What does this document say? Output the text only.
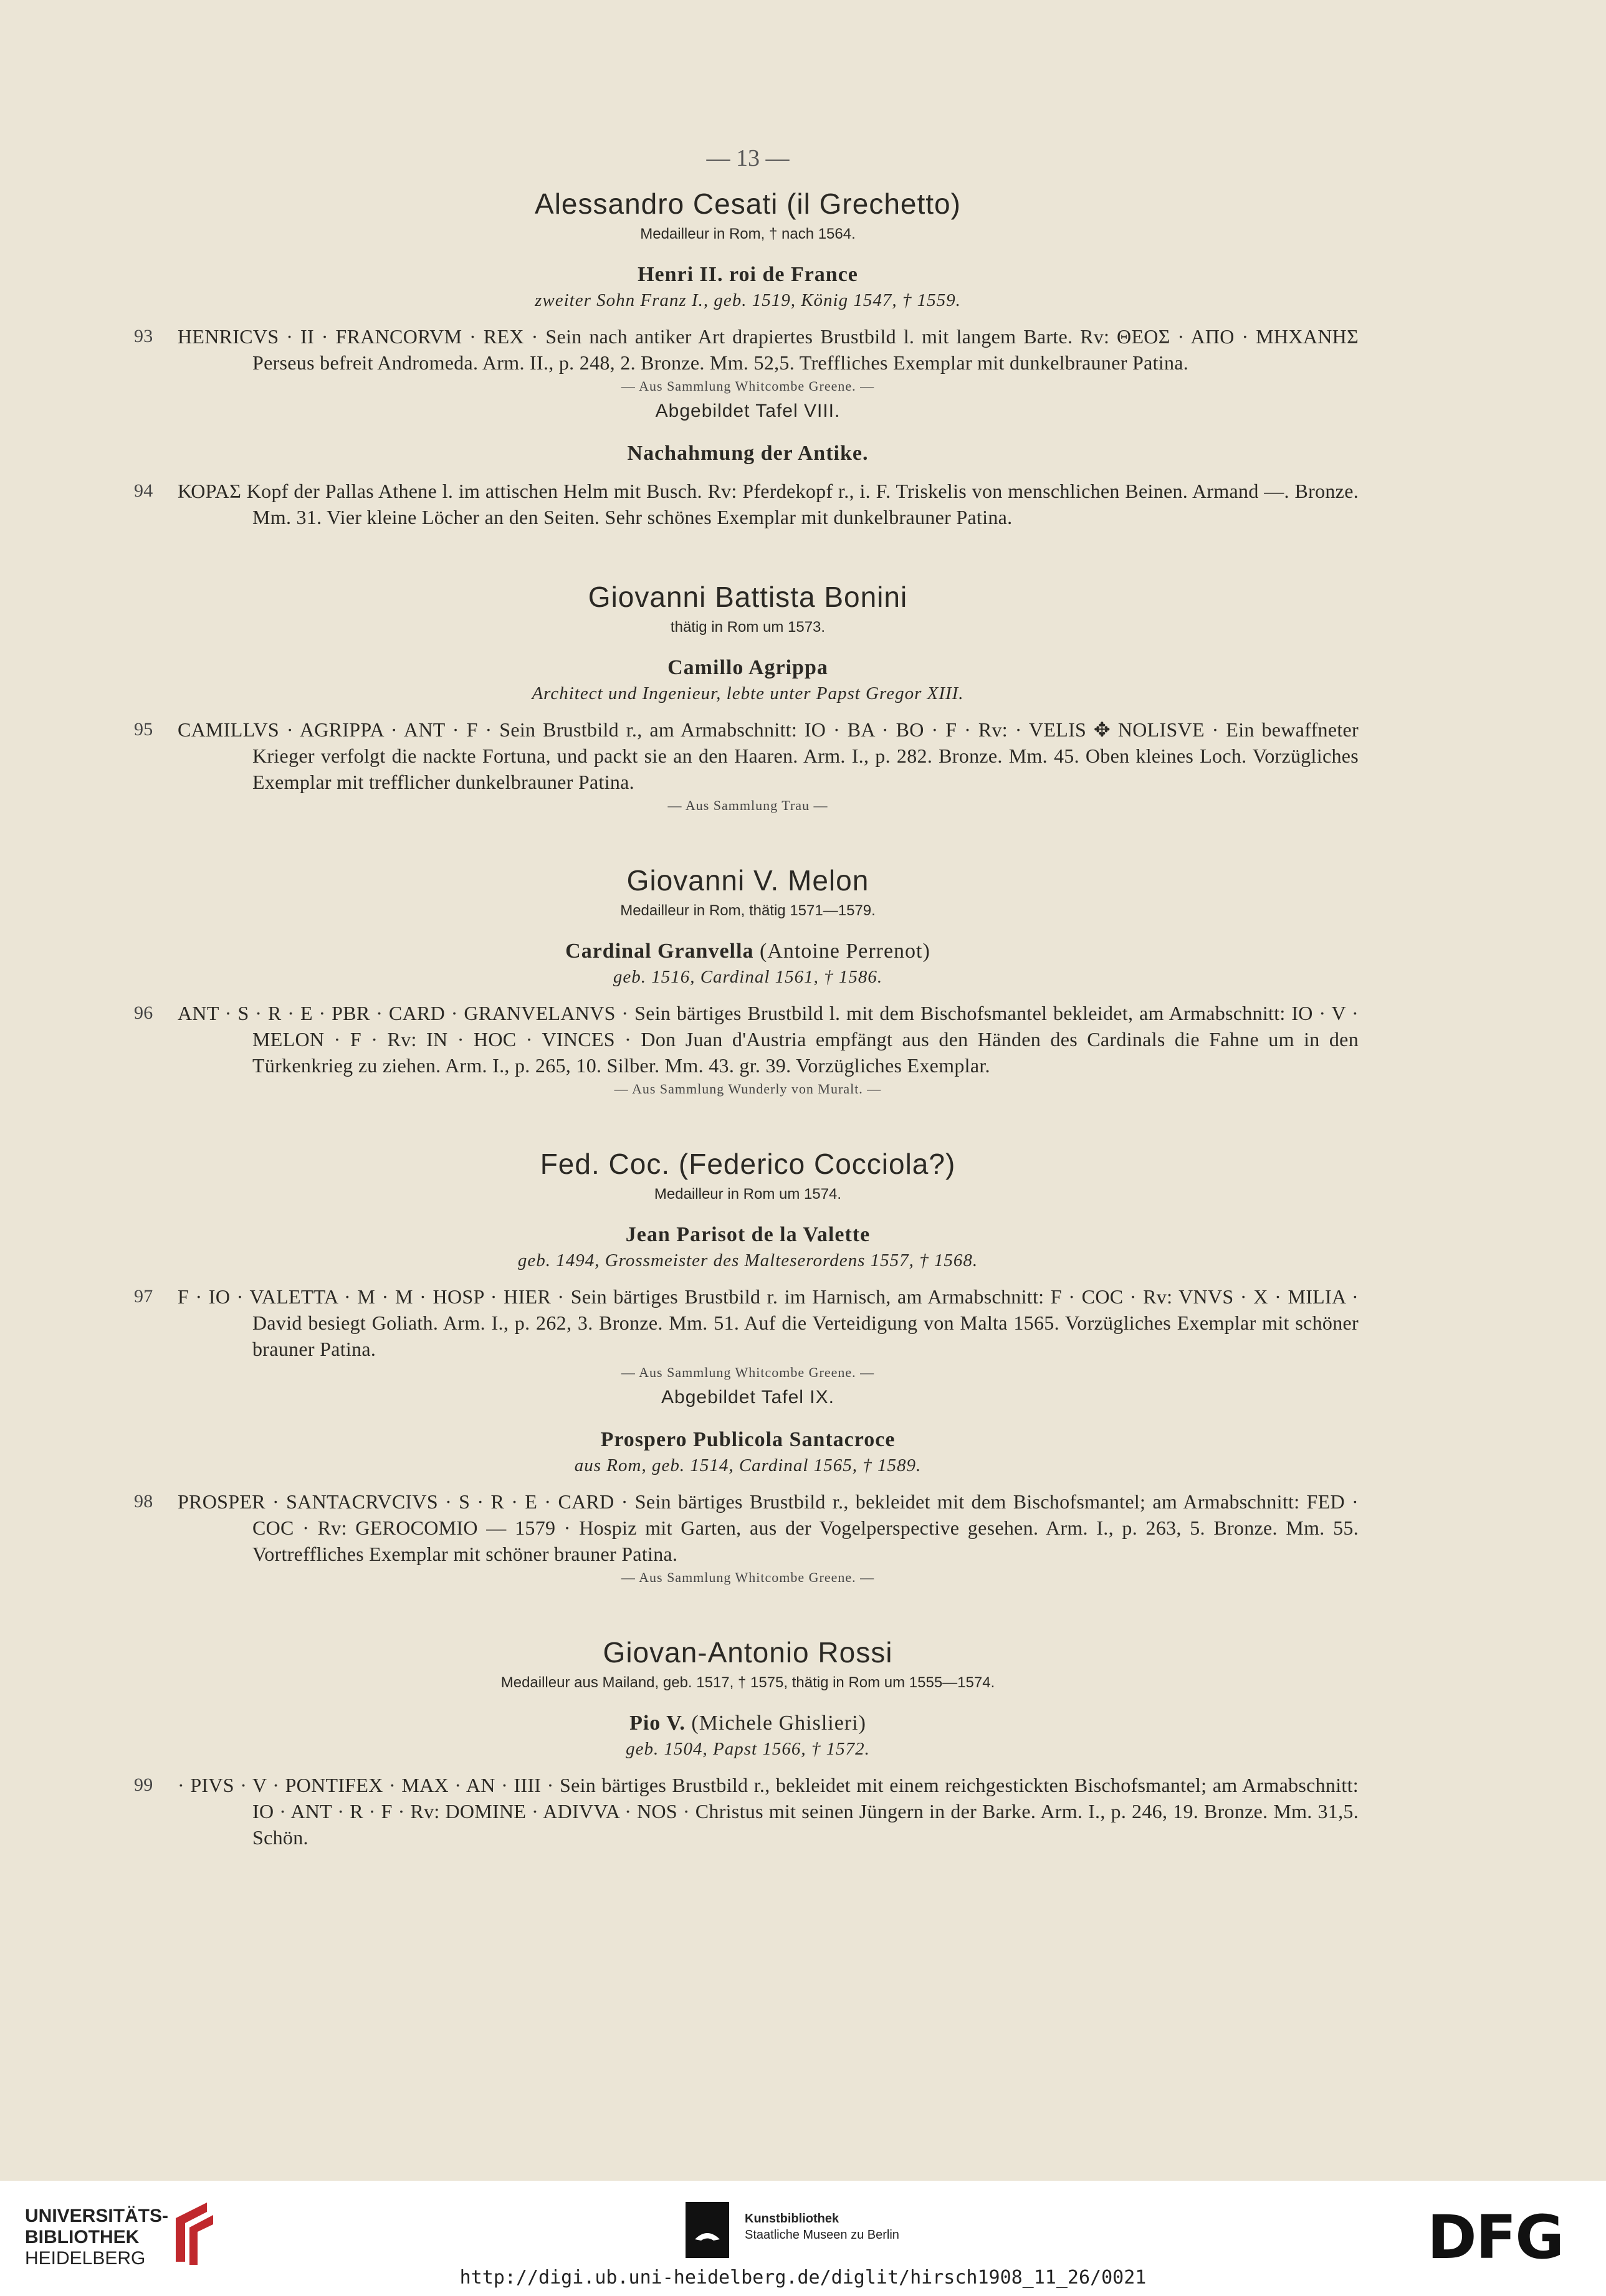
— 13 —
Alessandro Cesati (il Grechetto)
Medailleur in Rom, † nach 1564.
Henri II. roi de France
zweiter Sohn Franz I., geb. 1519, König 1547, † 1559.
93	HENRICVS · II · FRANCORVM · REX · Sein nach antiker Art drapiertes Brustbild l. mit langem Barte. Rv: ΘΕΟΣ · ΑΠΟ · ΜΗΧΑΝΗΣ Perseus befreit Andromeda. Arm. II., p. 248, 2. Bronze. Mm. 52,5. Treffliches Exemplar mit dunkelbrauner Patina.
— Aus Sammlung Whitcombe Greene. —
Abgebildet Tafel VIII.
Nachahmung der Antike.
94	ΚΟΡΑΣ Kopf der Pallas Athene l. im attischen Helm mit Busch. Rv: Pferdekopf r., i. F. Triskelis von menschlichen Beinen. Armand —. Bronze. Mm. 31. Vier kleine Löcher an den Seiten. Sehr schönes Exemplar mit dunkelbrauner Patina.
Giovanni Battista Bonini
thätig in Rom um 1573.
Camillo Agrippa
Architect und Ingenieur, lebte unter Papst Gregor XIII.
95	CAMILLVS · AGRIPPA · ANT · F · Sein Brustbild r., am Armabschnitt: IO · BA · BO · F · Rv: · VELIS ✥ NOLISVE · Ein bewaffneter Krieger verfolgt die nackte Fortuna, und packt sie an den Haaren. Arm. I., p. 282. Bronze. Mm. 45. Oben kleines Loch. Vorzügliches Exemplar mit trefflicher dunkelbrauner Patina.
— Aus Sammlung Trau —
Giovanni V. Melon
Medailleur in Rom, thätig 1571—1579.
Cardinal Granvella (Antoine Perrenot)
geb. 1516, Cardinal 1561, † 1586.
96	ANT · S · R · E · PBR · CARD · GRANVELANVS · Sein bärtiges Brustbild l. mit dem Bischofsmantel bekleidet, am Armabschnitt: IO · V · MELON · F · Rv: IN · HOC · VINCES · Don Juan d'Austria empfängt aus den Händen des Cardinals die Fahne um in den Türkenkrieg zu ziehen. Arm. I., p. 265, 10. Silber. Mm. 43. gr. 39. Vorzügliches Exemplar.
— Aus Sammlung Wunderly von Muralt. —
Fed. Coc. (Federico Cocciola?)
Medailleur in Rom um 1574.
Jean Parisot de la Valette
geb. 1494, Grossmeister des Malteserordens 1557, † 1568.
97	F · IO · VALETTA · M · M · HOSP · HIER · Sein bärtiges Brustbild r. im Harnisch, am Armabschnitt: F · COC · Rv: VNVS · X · MILIA · David besiegt Goliath. Arm. I., p. 262, 3. Bronze. Mm. 51. Auf die Verteidigung von Malta 1565. Vorzügliches Exemplar mit schöner brauner Patina.
— Aus Sammlung Whitcombe Greene. —
Abgebildet Tafel IX.
Prospero Publicola Santacroce
aus Rom, geb. 1514, Cardinal 1565, † 1589.
98	PROSPER · SANTACRVCIVS · S · R · E · CARD · Sein bärtiges Brustbild r., bekleidet mit dem Bischofsmantel; am Armabschnitt: FED · COC · Rv: GEROCOMIO — 1579 · Hospiz mit Garten, aus der Vogelperspective gesehen. Arm. I., p. 263, 5. Bronze. Mm. 55. Vortreffliches Exemplar mit schöner brauner Patina.
— Aus Sammlung Whitcombe Greene. —
Giovan-Antonio Rossi
Medailleur aus Mailand, geb. 1517, † 1575, thätig in Rom um 1555—1574.
Pio V. (Michele Ghislieri)
geb. 1504, Papst 1566, † 1572.
99	· PIVS · V · PONTIFEX · MAX · AN · IIII · Sein bärtiges Brustbild r., bekleidet mit einem reichgestickten Bischofsmantel; am Armabschnitt: IO · ANT · R · F · Rv: DOMINE · ADIVVA · NOS · Christus mit seinen Jüngern in der Barke. Arm. I., p. 246, 19. Bronze. Mm. 31,5. Schön.
UNIVERSITÄTS-
BIBLIOTHEK
HEIDELBERG
Kunstbibliothek
Staatliche Museen zu Berlin	DFG
http://digi.ub.uni-heidelberg.de/diglit/hirsch1908_11_26/0021
